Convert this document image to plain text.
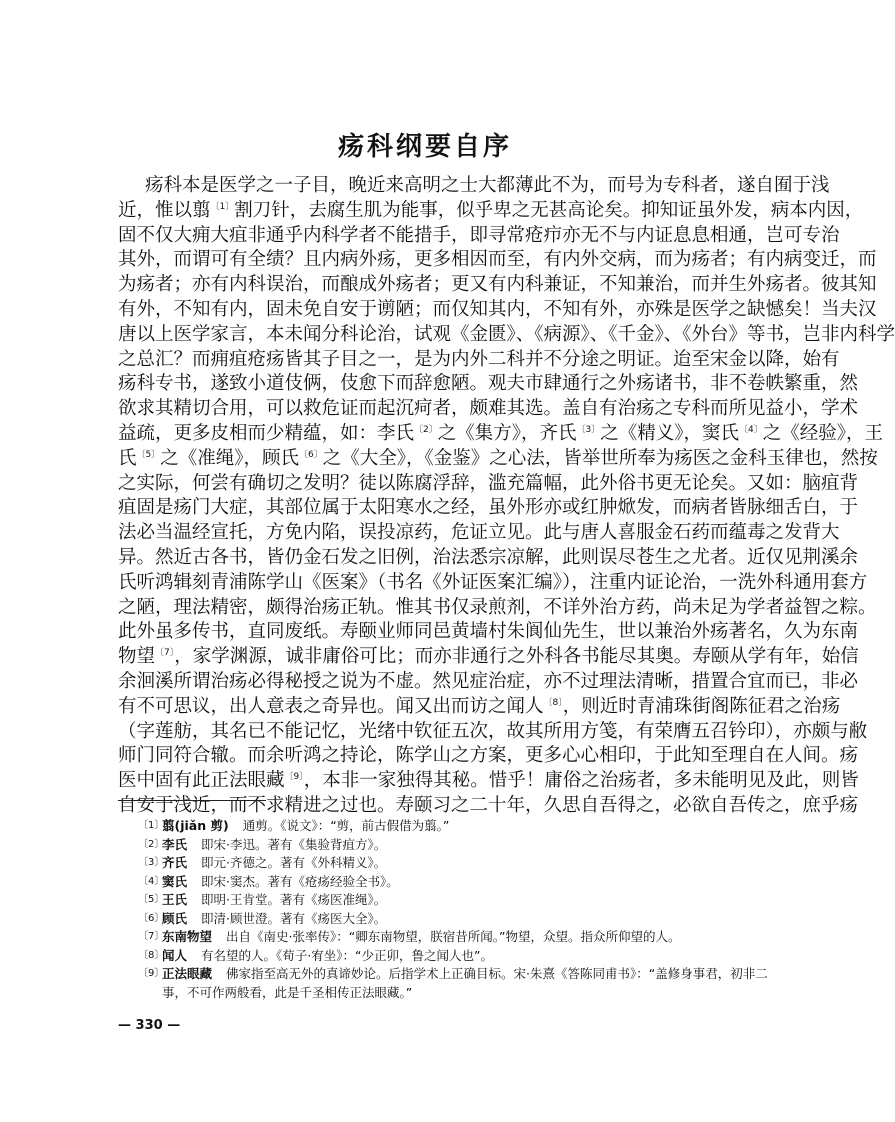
疡科纲要自序
疡科本是医学之一子目，晚近来高明之士大都薄此不为，而号为专科者，遂自囿于浅
近，惟以翦$^{〔1〕}$割刀针，去腐生肌为能事，似乎卑之无甚高论矣。抑知证虽外发，病本内因，
固不仅大痈大疽非通乎内科学者不能措手，即寻常疮疖亦无不与内证息息相通，岂可专治
其外，而谓可有全绩？且内病外疡，更多相因而至，有内外交病，而为疡者；有内病变迁，而
为疡者；亦有内科误治，而酿成外疡者；更又有内科兼证，不知兼治，而并生外疡者。彼其知
有外，不知有内，固未免自安于谫陋；而仅知其内，不知有外，亦殊是医学之缺憾矣！当夫汉
唐以上医学家言，本未闻分科论治，试观《金匮》、《病源》、《千金》、《外台》等书，岂非内科学
之总汇？而痈疽疮疡皆其子目之一，是为内外二科并不分途之明证。迨至宋金以降，始有
疡科专书，遂致小道伎俩，伎愈下而辞愈陋。观夫市肆通行之外疡诸书，非不卷帙繁重，然
欲求其精切合用，可以救危证而起沉疴者，颇难其选。盖自有治疡之专科而所见益小，学术
益疏，更多皮相而少精蕴，如：李氏$^{〔2〕}$之《集方》，齐氏$^{〔3〕}$之《精义》，窦氏$^{〔4〕}$之《经验》，王
氏$^{〔5〕}$之《准绳》，顾氏$^{〔6〕}$之《大全》，《金鉴》之心法，皆举世所奉为疡医之金科玉律也，然按
之实际，何尝有确切之发明？徒以陈腐浮辞，滥充篇幅，此外俗书更无论矣。又如：脑疽背
疽固是疡门大症，其部位属于太阳寒水之经，虽外形亦或红肿焮发，而病者皆脉细舌白，于
法必当温经宣托，方免内陷，误投凉药，危证立见。此与唐人喜服金石药而蕴毒之发背大
异。然近古各书，皆仍金石发之旧例，治法悉宗凉解，此则误尽苍生之尤者。近仅见荆溪余
氏听鸿辑刻青浦陈学山《医案》（书名《外证医案汇编》），注重内证论治，一洗外科通用套方
之陋，理法精密，颇得治疡正轨。惟其书仅录煎剂，不详外治方药，尚未足为学者益智之粽。
此外虽多传书，直同废纸。寿颐业师同邑黄墙村朱阆仙先生，世以兼治外疡著名，久为东南
物望$^{〔7〕}$，家学渊源，诚非庸俗可比；而亦非通行之外科各书能尽其奥。寿颐从学有年，始信
余洄溪所谓治疡必得秘授之说为不虚。然见症治症，亦不过理法清晰，措置合宜而已，非必
有不可思议，出人意表之奇异也。闻又出而访之闻人$^{〔8〕}$，则近时青浦珠街阁陈征君之治疡
（字莲舫，其名已不能记忆，光绪中钦征五次，故其所用方笺，有荣膺五召钤印），亦颇与敝
师门同符合辙。而余听鸿之持论，陈学山之方案，更多心心相印，于此知至理自在人间。疡
医中固有此正法眼藏$^{〔9〕}$，本非一家独得其秘。惜乎！庸俗之治疡者，多未能明见及此，则皆
自安于浅近，而不求精进之过也。寿颐习之二十年，久思自吾得之，必欲自吾传之，庶乎疡
〔1〕
翦(jiǎn 剪) 通剪。《说文》：“剪，前古假借为翦。”
〔2〕
李氏 即宋·李迅。著有《集验背疽方》。
〔3〕
齐氏 即元·齐德之。著有《外科精义》。
〔4〕
窦氏 即宋·窦杰。著有《疮疡经验全书》。
〔5〕
王氏 即明·王肯堂。著有《疡医准绳》。
〔6〕
顾氏 即清·顾世澄。著有《疡医大全》。
〔7〕
东南物望 出自《南史·张率传》：“卿东南物望，朕宿昔所闻。”物望，众望。指众所仰望的人。
〔8〕
闻人 有名望的人。《荀子·宥坐》：“少正卯，鲁之闻人也”。
〔9〕
正法眼藏 佛家指至高无外的真谛妙论。后指学术上正确目标。宋·朱熹《答陈同甫书》：“盖修身事君，初非二事，不可作两般看，此是千圣相传正法眼藏。”
— 330 —
